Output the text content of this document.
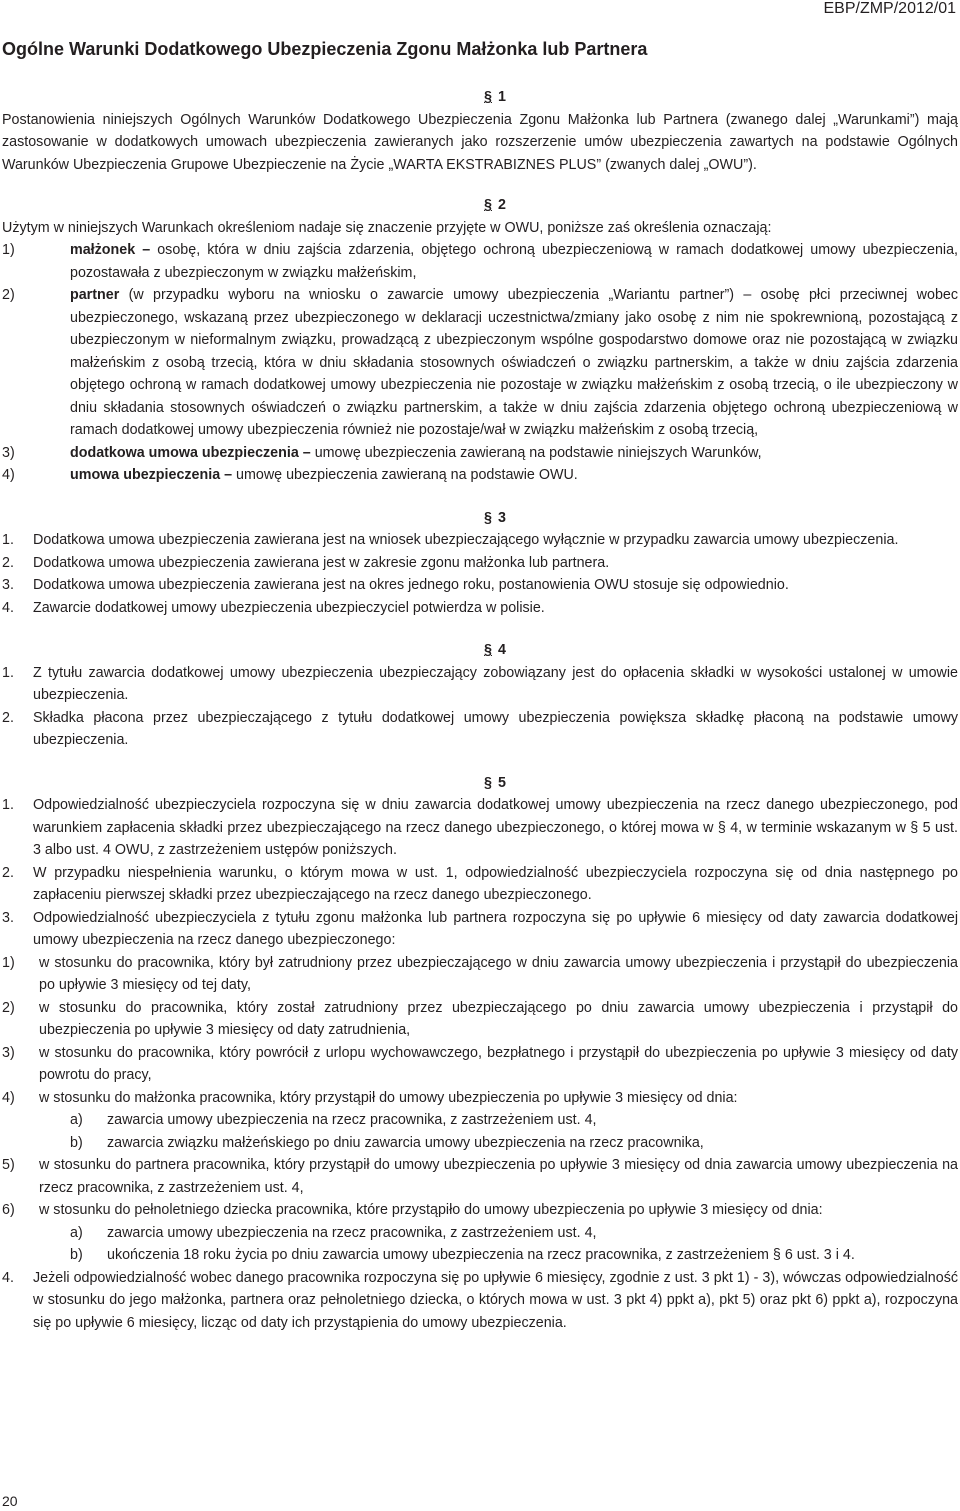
EBP/ZMP/2012/01
Ogólne Warunki Dodatkowego Ubezpieczenia Zgonu Małżonka lub Partnera

§ 1

Postanowienia niniejszych Ogólnych Warunków Dodatkowego Ubezpieczenia Zgonu Małżonka lub Partnera (zwanego dalej „Warunkami”) mają zastosowanie w dodatkowych umowach ubezpieczenia zawieranych jako rozszerzenie umów ubezpieczenia zawartych na podstawie Ogólnych Warunków Ubezpieczenia Grupowe Ubezpieczenie na Życie „WARTA EKSTRABIZNES PLUS” (zwanych dalej „OWU”).

§ 2

Użytym w niniejszych Warunkach określeniom nadaje się znaczenie przyjęte w OWU, poniższe zaś określenia oznaczają:

1)	małżonek – osobę, która w dniu zajścia zdarzenia, objętego ochroną ubezpieczeniową w ramach dodatkowej umowy ubezpieczenia, pozostawała z ubezpieczonym w związku małżeńskim,
2)	partner (w przypadku wyboru na wniosku o zawarcie umowy ubezpieczenia „Wariantu partner”) – osobę płci przeciwnej wobec ubezpieczonego, wskazaną przez ubezpieczonego w deklaracji uczestnictwa/zmiany jako osobę z nim nie spokrewnioną, pozostającą z ubezpieczonym w nieformalnym związku, prowadzącą z ubezpieczonym wspólne gospodarstwo domowe oraz nie pozostającą w związku małżeńskim z osobą trzecią, która w dniu składania stosownych oświadczeń o związku partnerskim, a także w dniu zajścia zdarzenia objętego ochroną w ramach dodatkowej umowy ubezpieczenia nie pozostaje w związku małżeńskim z osobą trzecią, o ile ubezpieczony w dniu składania stosownych oświadczeń o związku partnerskim, a także w dniu zajścia zdarzenia objętego ochroną ubezpieczeniową w ramach dodatkowej umowy ubezpieczenia również nie pozostaje/wał w związku małżeńskim z osobą trzecią,
3)	dodatkowa umowa ubezpieczenia – umowę ubezpieczenia zawieraną na podstawie niniejszych Warunków,
4)	umowa ubezpieczenia – umowę ubezpieczenia zawieraną na podstawie OWU.

§ 3

1.	Dodatkowa umowa ubezpieczenia zawierana jest na wniosek ubezpieczającego wyłącznie w przypadku zawarcia umowy ubezpieczenia.
2.	Dodatkowa umowa ubezpieczenia zawierana jest w zakresie zgonu małżonka lub partnera.
3.	Dodatkowa umowa ubezpieczenia zawierana jest na okres jednego roku, postanowienia OWU stosuje się odpowiednio.
4.	Zawarcie dodatkowej umowy ubezpieczenia ubezpieczyciel potwierdza w polisie.

§ 4

1.	Z tytułu zawarcia dodatkowej umowy ubezpieczenia ubezpieczający zobowiązany jest do opłacenia składki w wysokości ustalonej w umowie ubezpieczenia.
2.	Składka płacona przez ubezpieczającego z tytułu dodatkowej umowy ubezpieczenia powiększa składkę płaconą na podstawie umowy ubezpieczenia.

§ 5

1.	Odpowiedzialność ubezpieczyciela rozpoczyna się w dniu zawarcia dodatkowej umowy ubezpieczenia na rzecz danego ubezpieczonego, pod warunkiem zapłacenia składki przez ubezpieczającego na rzecz danego ubezpieczonego, o której mowa w § 4, w terminie wskazanym w § 5 ust. 3 albo ust. 4 OWU, z zastrzeżeniem ustępów poniższych.
2.	W przypadku niespełnienia warunku, o którym mowa w ust. 1, odpowiedzialność ubezpieczyciela rozpoczyna się od dnia następnego po zapłaceniu pierwszej składki przez ubezpieczającego na rzecz danego ubezpieczonego.
3.	Odpowiedzialność ubezpieczyciela z tytułu zgonu małżonka lub partnera rozpoczyna się po upływie 6 miesięcy od daty zawarcia dodatkowej umowy ubezpieczenia na rzecz danego ubezpieczonego:
1)	w stosunku do pracownika, który był zatrudniony przez ubezpieczającego w dniu zawarcia umowy ubezpieczenia i przystąpił do ubezpieczenia po upływie 3 miesięcy od tej daty,
2)	w stosunku do pracownika, który został zatrudniony przez ubezpieczającego po dniu zawarcia umowy ubezpieczenia i przystąpił do ubezpieczenia po upływie 3 miesięcy od daty zatrudnienia,
3)	w stosunku do pracownika, który powrócił z urlopu wychowawczego, bezpłatnego i przystąpił do ubezpieczenia po upływie 3 miesięcy od daty powrotu do pracy,
4)	w stosunku do małżonka pracownika, który przystąpił do umowy ubezpieczenia po upływie 3 miesięcy od dnia:
a)	zawarcia umowy ubezpieczenia na rzecz pracownika, z zastrzeżeniem ust. 4,
b)	zawarcia związku małżeńskiego po dniu zawarcia umowy ubezpieczenia na rzecz pracownika,
5)	w stosunku do partnera pracownika, który przystąpił do umowy ubezpieczenia po upływie 3 miesięcy od dnia zawarcia umowy ubezpieczenia na rzecz pracownika, z zastrzeżeniem ust. 4,
6)	w stosunku do pełnoletniego dziecka pracownika, które przystąpiło do umowy ubezpieczenia po upływie 3 miesięcy od dnia:
a)	zawarcia umowy ubezpieczenia na rzecz pracownika, z zastrzeżeniem ust. 4,
b)	ukończenia 18 roku życia po dniu zawarcia umowy ubezpieczenia na rzecz pracownika, z zastrzeżeniem § 6 ust. 3 i 4.
4.	Jeżeli odpowiedzialność wobec danego pracownika rozpoczyna się po upływie 6 miesięcy, zgodnie z ust. 3 pkt 1) - 3), wówczas odpowiedzialność w stosunku do jego małżonka, partnera oraz pełnoletniego dziecka, o których mowa w ust. 3 pkt 4) ppkt a), pkt 5) oraz pkt 6) ppkt a), rozpoczyna się po upływie 6 miesięcy, licząc od daty ich przystąpienia do umowy ubezpieczenia.
20
